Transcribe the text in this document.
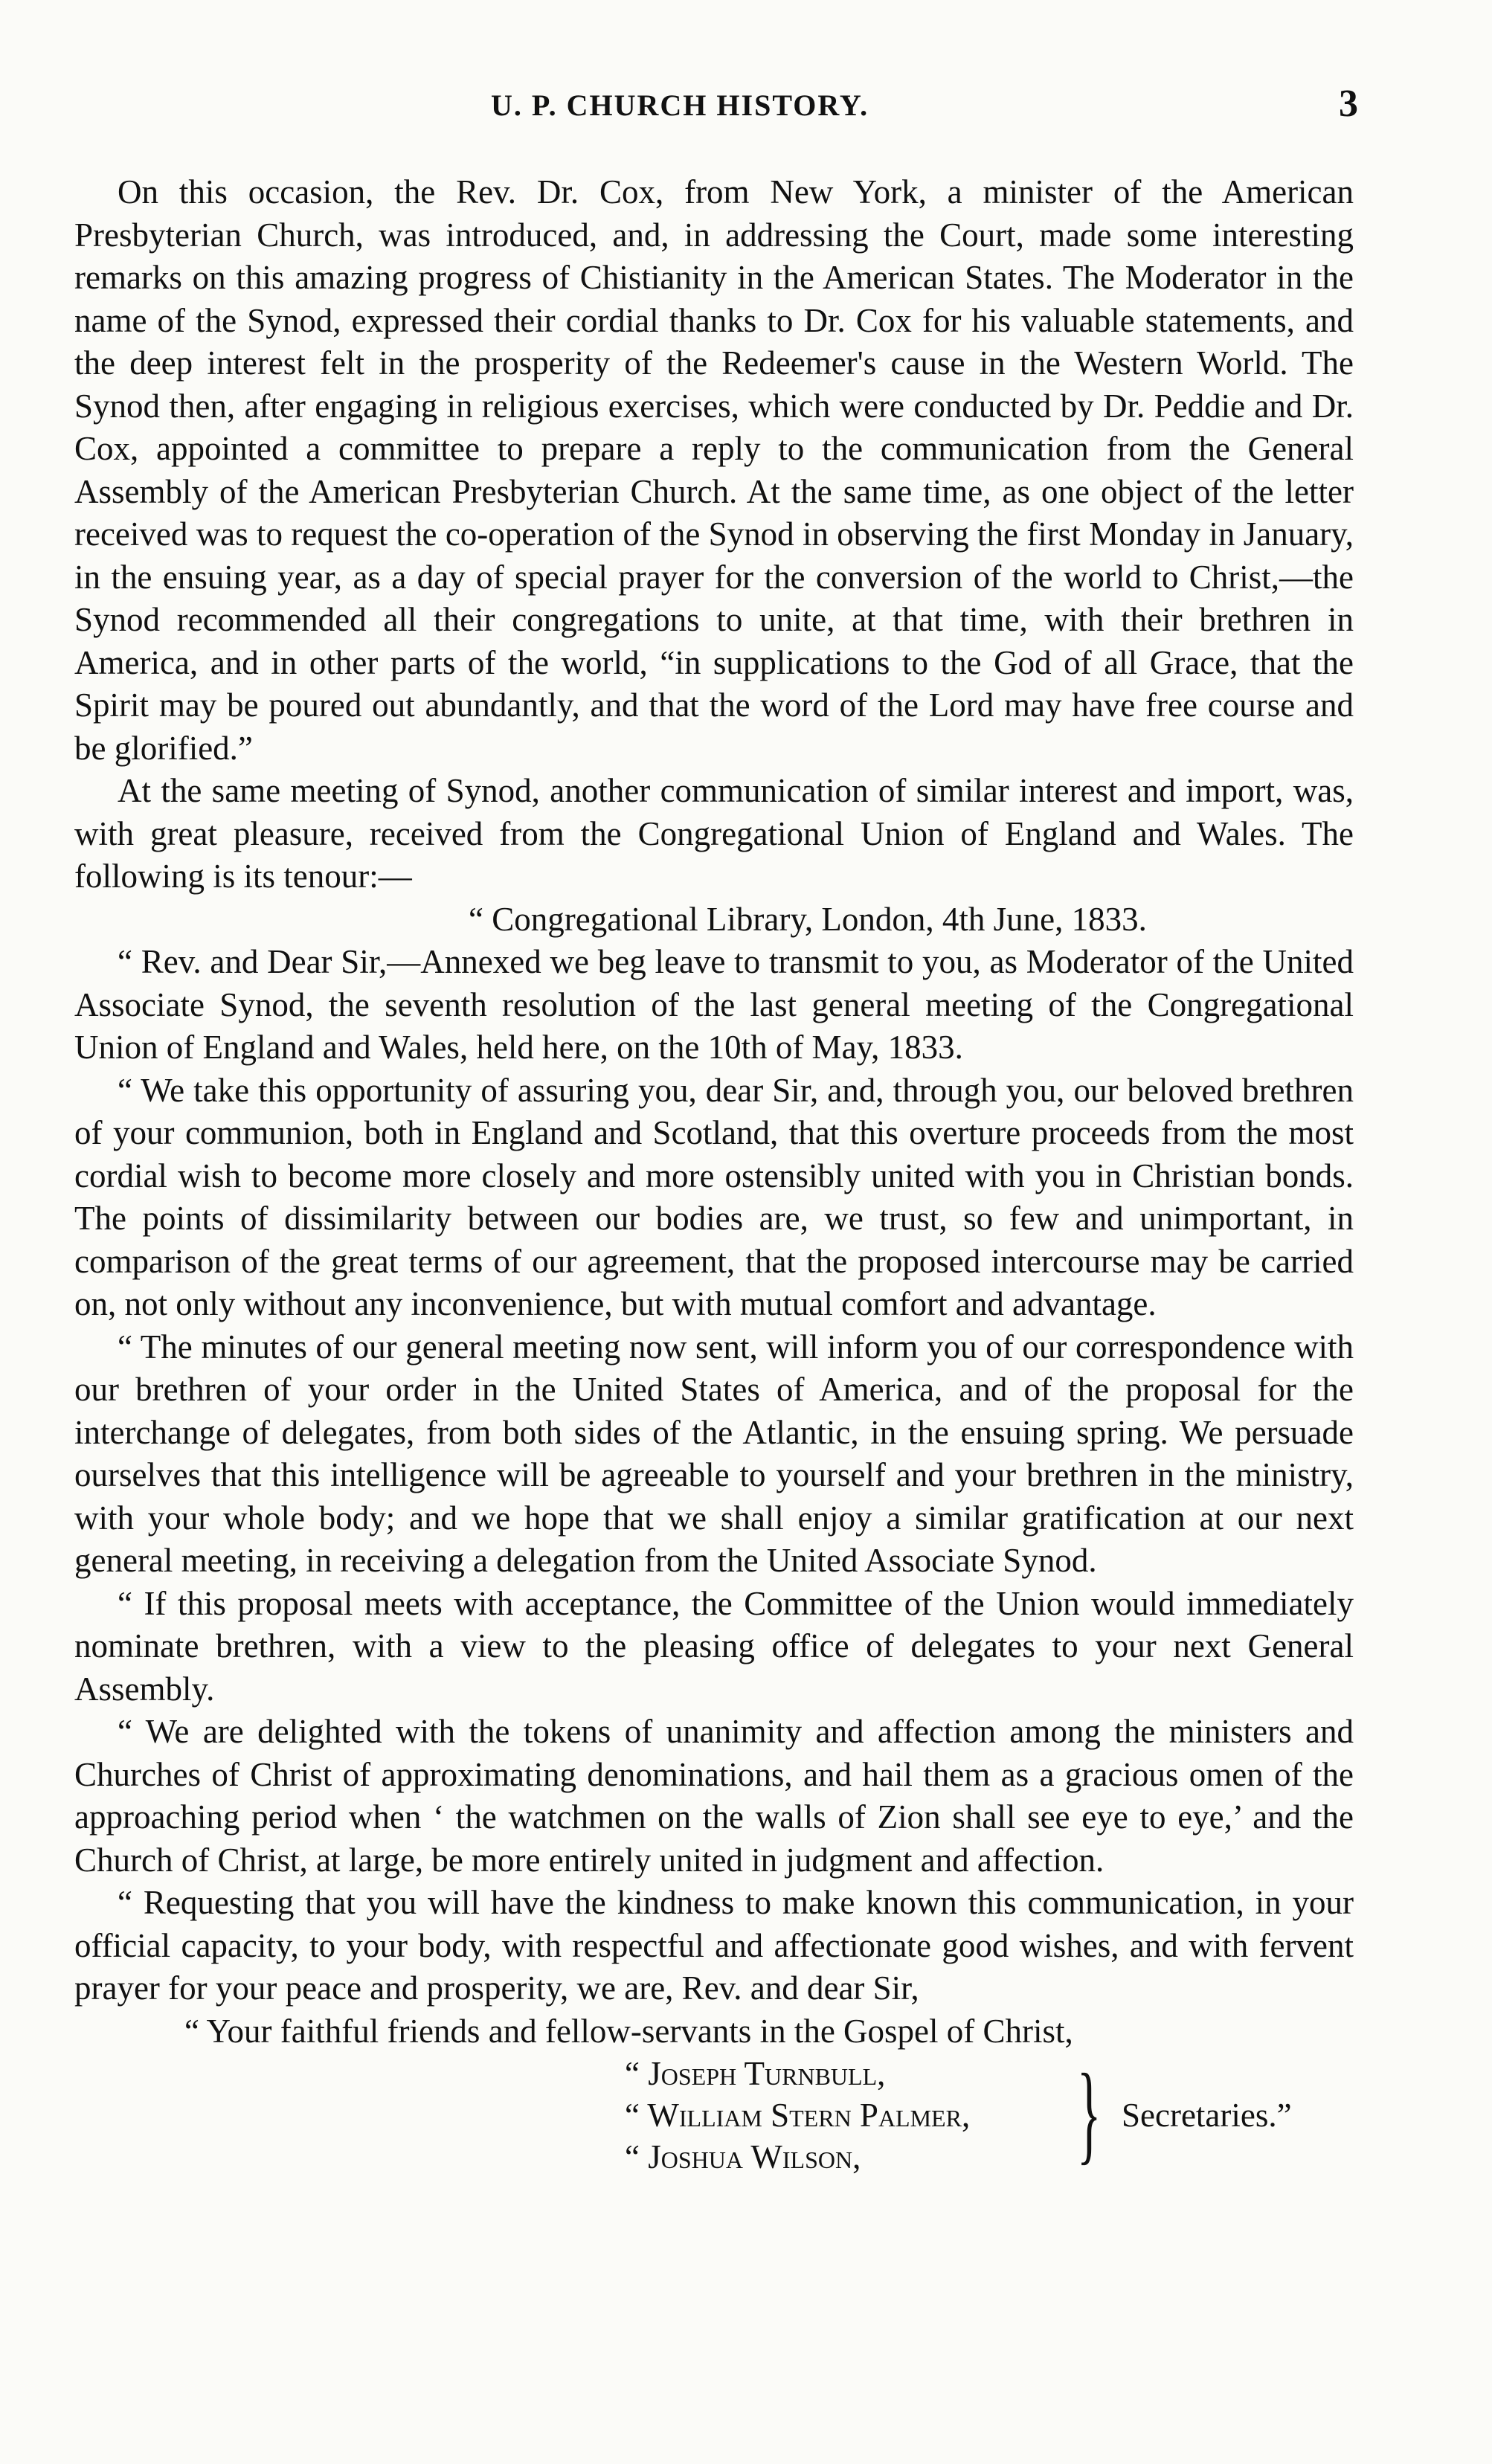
U. P. CHURCH HISTORY.	3

On this occasion, the Rev. Dr. Cox, from New York, a minister of the American Presbyterian Church, was introduced, and, in addressing the Court, made some interesting remarks on this amazing progress of Chistianity in the American States. The Moderator in the name of the Synod, expressed their cordial thanks to Dr. Cox for his valuable statements, and the deep interest felt in the prosperity of the Redeemer's cause in the Western World. The Synod then, after engaging in religious exercises, which were conducted by Dr. Peddie and Dr. Cox, appointed a committee to prepare a reply to the communication from the General Assembly of the American Presbyterian Church. At the same time, as one object of the letter received was to request the co-operation of the Synod in observing the first Monday in January, in the ensuing year, as a day of special prayer for the conversion of the world to Christ,—the Synod recommended all their congregations to unite, at that time, with their brethren in America, and in other parts of the world, “in supplications to the God of all Grace, that the Spirit may be poured out abundantly, and that the word of the Lord may have free course and be glorified.”

At the same meeting of Synod, another communication of similar interest and import, was, with great pleasure, received from the Congregational Union of England and Wales. The following is its tenour:—

“ Congregational Library, London, 4th June, 1833.

“ Rev. and Dear Sir,—Annexed we beg leave to transmit to you, as Moderator of the United Associate Synod, the seventh resolution of the last general meeting of the Congregational Union of England and Wales, held here, on the 10th of May, 1833.

“ We take this opportunity of assuring you, dear Sir, and, through you, our beloved brethren of your communion, both in England and Scotland, that this overture proceeds from the most cordial wish to become more closely and more ostensibly united with you in Christian bonds. The points of dissimilarity between our bodies are, we trust, so few and unimportant, in comparison of the great terms of our agreement, that the proposed intercourse may be carried on, not only without any inconvenience, but with mutual comfort and advantage.

“ The minutes of our general meeting now sent, will inform you of our correspondence with our brethren of your order in the United States of America, and of the proposal for the interchange of delegates, from both sides of the Atlantic, in the ensuing spring. We persuade ourselves that this intelligence will be agreeable to yourself and your brethren in the ministry, with your whole body; and we hope that we shall enjoy a similar gratification at our next general meeting, in receiving a delegation from the United Associate Synod.

“ If this proposal meets with acceptance, the Committee of the Union would immediately nominate brethren, with a view to the pleasing office of delegates to your next General Assembly.

“ We are delighted with the tokens of unanimity and affection among the ministers and Churches of Christ of approximating denominations, and hail them as a gracious omen of the approaching period when ‘ the watchmen on the walls of Zion shall see eye to eye,’ and the Church of Christ, at large, be more entirely united in judgment and affection.

“ Requesting that you will have the kindness to make known this communication, in your official capacity, to your body, with respectful and affectionate good wishes, and with fervent prayer for your peace and prosperity, we are, Rev. and dear Sir,

“ Your faithful friends and fellow-servants in the Gospel of Christ,

“ Joseph Turnbull,
“ William Stern Palmer,
“ Joshua Wilson,	} Secretaries.”
